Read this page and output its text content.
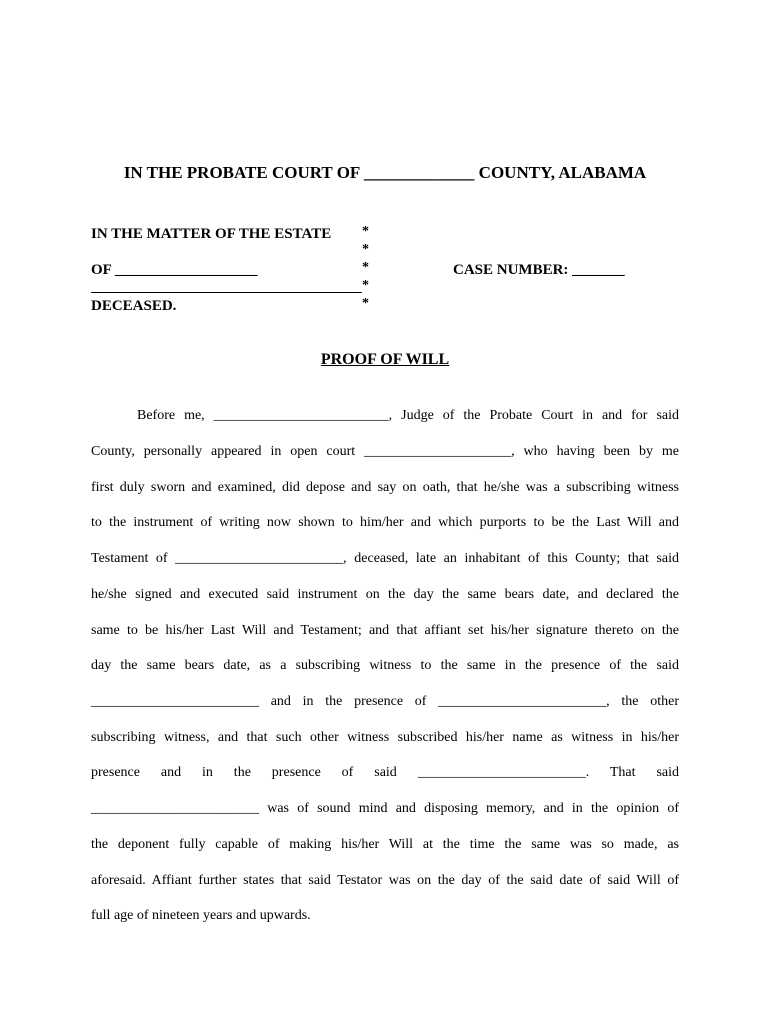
IN THE PROBATE COURT OF _____________ COUNTY, ALABAMA
IN THE MATTER OF THE ESTATE
OF ___________________
DECEASED.
CASE NUMBER: _______
*
*
*
*
*
PROOF OF WILL
Before me, _________________________, Judge of the Probate Court in and for said
County, personally appeared in open court _____________________, who having been by me
first duly sworn and examined, did depose and say on oath, that he/she was a subscribing witness
to the instrument of writing now shown to him/her and which purports to be the Last Will and
Testament of ________________________, deceased, late an inhabitant of this County; that said
he/she signed and executed said instrument on the day the same bears date, and declared the
same to be his/her Last Will and Testament; and that affiant set his/her signature thereto on the
day the same bears date, as a subscribing witness to the same in the presence of the said
________________________ and in the presence of ________________________, the other
subscribing witness, and that such other witness subscribed his/her name as witness in his/her
presence and in the presence of said ________________________. That said
________________________ was of sound mind and disposing memory, and in the opinion of
the deponent fully capable of making his/her Will at the time the same was so made, as
aforesaid. Affiant further states that said Testator was on the day of the said date of said Will of
full age of nineteen years and upwards.
